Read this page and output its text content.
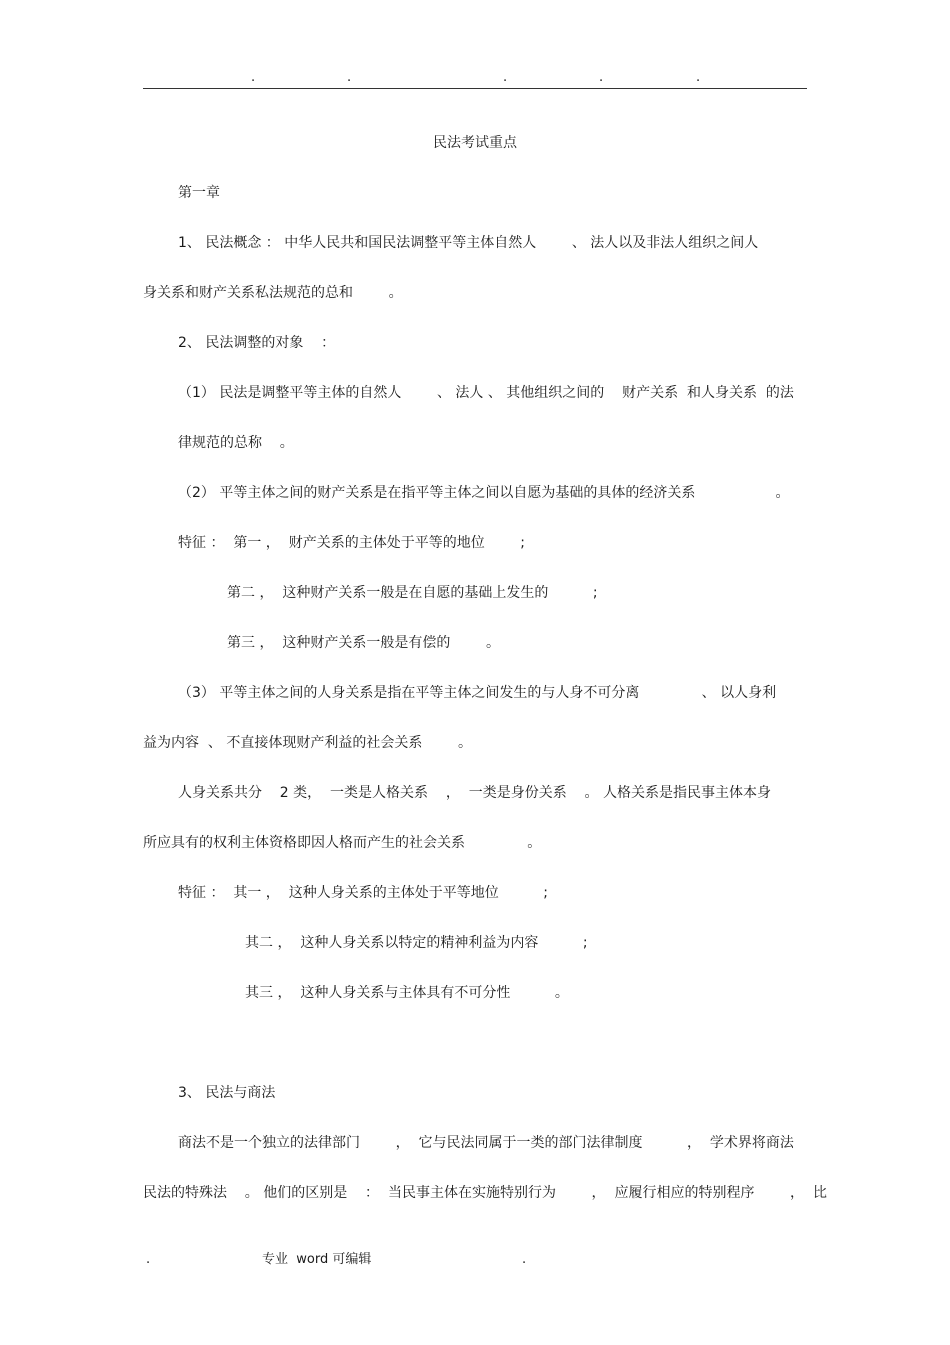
.	.	.	.	.
民法考试重点
第一章
1、 民法概念 ： 中华人民共和国民法调整平等主体自然人        、 法人以及非法人组织之间人
身关系和财产关系私法规范的总和        。
2、 民法调整的对象    ：
（1） 民法是调整平等主体的自然人        、 法人 、 其他组织之间的    财产关系  和人身关系  的法
律规范的总称    。
（2） 平等主体之间的财产关系是在指平等主体之间以自愿为基础的具体的经济关系                  。
特征 ：  第一 ，  财产关系的主体处于平等的地位        ;
第二 ，  这种财产关系一般是在自愿的基础上发生的          ;
第三 ，  这种财产关系一般是有偿的        。
（3） 平等主体之间的人身关系是指在平等主体之间发生的与人身不可分离              、 以人身利
益为内容  、 不直接体现财产利益的社会关系        。
人身关系共分    2 类，  一类是人格关系    ，  一类是身份关系    。 人格关系是指民事主体本身
所应具有的权利主体资格即因人格而产生的社会关系              。
特征 ：  其一 ，  这种人身关系的主体处于平等地位          ;
其二 ，  这种人身关系以特定的精神利益为内容          ;
其三 ，  这种人身关系与主体具有不可分性          。
3、 民法与商法
商法不是一个独立的法律部门        ，  它与民法同属于一类的部门法律制度          ，  学术界将商法
民法的特殊法    。 他们的区别是    ：  当民事主体在实施特别行为        ，  应履行相应的特别程序        ，  比
.	专业  word 可编辑	.
